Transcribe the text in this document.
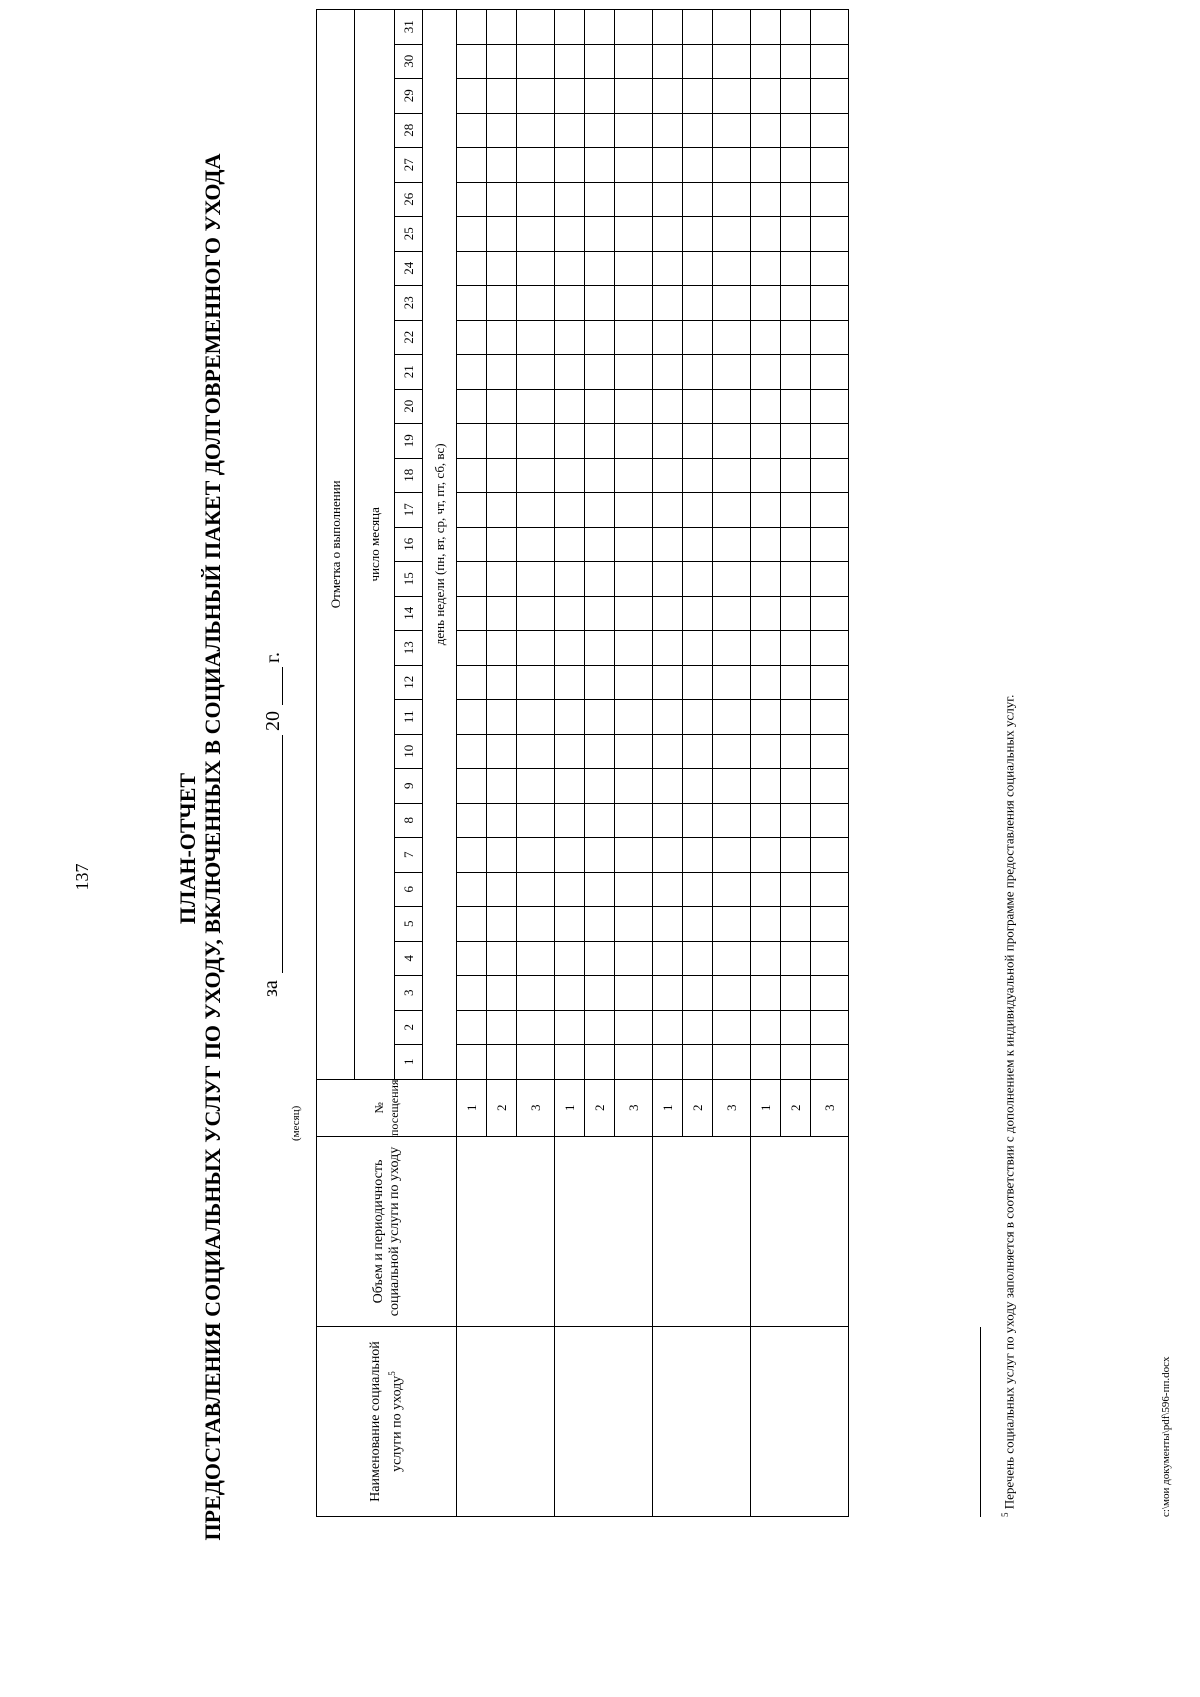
137	ПЛАН-ОТЧЕТ ПРЕДОСТАВЛЕНИЯ СОЦИАЛЬНЫХ УСЛУГ ПО УХОДУ, ВКЛЮЧЕННЫХ В СОЦИАЛЬНЫЙ ПАКЕТ ДОЛГОВРЕМЕННОГО УХОДА за
20
г.
(месяц)
Наименование социальной услуги по уходу$^5$	Объем и периодичность социальной услуги по уходу	№ посещения	Отметка о выполнении																														
			число месяца																														
			1	2	3	4	5	6	7	8	9	10	11	12	13	14	15	16	17	18	19	20	21	22	23	24	25	26	27	28	29	30	31
			день недели (пн, вт, ср, чт, пт, сб, вс)																														
		1																															
		2																															
		3																															
		1																															
		2																															
		3																															
		1																															
		2																															
		3																															
		1																															
		2																															
		3																															
$^5$ Перечень социальных услуг по уходу заполняется в соответствии с дополнением к индивидуальной программе предоставления социальных услуг.	c:\мои документы\pdf\596-пп.docx
